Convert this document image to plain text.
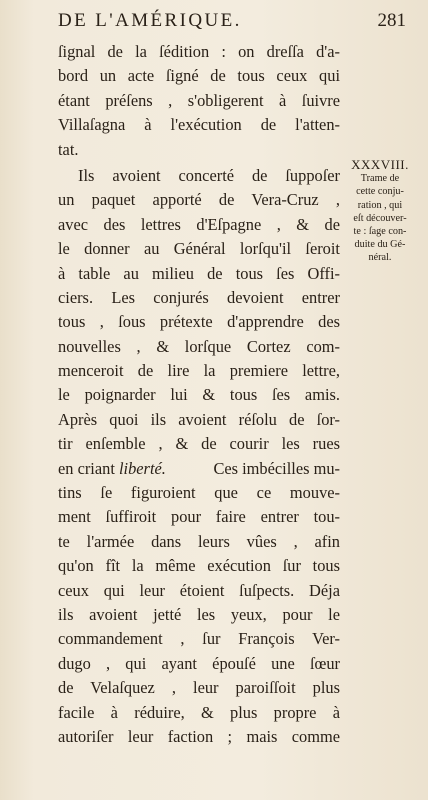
DE L'AMÉRIQUE.	281
ſignal de la ſédition : on dreſſa d'a-
bord un acte ſigné de tous ceux qui
étant préſens , s'obligerent à ſuivre
Villaſagna à l'exécution de l'atten-
tat.
Ils avoient concerté de ſuppoſer
un paquet apporté de Vera-Cruz ,
avec des lettres d'Eſpagne , & de
le donner au Général lorſqu'il ſeroit
à table au milieu de tous ſes Offi-
ciers. Les conjurés devoient entrer
tous , ſous prétexte d'apprendre des
nouvelles , & lorſque Cortez com-
menceroit de lire la premiere lettre,
le poignarder lui & tous ſes amis.
Après quoi ils avoient réſolu de ſor-
tir enſemble , & de courir les rues
en criant liberté.	Ces imbécilles mu-
tins ſe figuroient que ce mouve-
ment ſuffiroit pour faire entrer tou-
te l'armée dans leurs vûes , afin
qu'on fît la même exécution ſur tous
ceux qui leur étoient ſuſpects. Déja
ils avoient jetté les yeux, pour le
commandement , ſur François Ver-
dugo , qui ayant épouſé une ſœur
de Velaſquez , leur paroiſſoit plus
facile à réduire, & plus propre à
autoriſer leur faction ; mais comme
XXXVIII.
Trame de
cette conju-
ration , qui
eſt découver-
te : ſage con-
duite du Gé-
néral.
